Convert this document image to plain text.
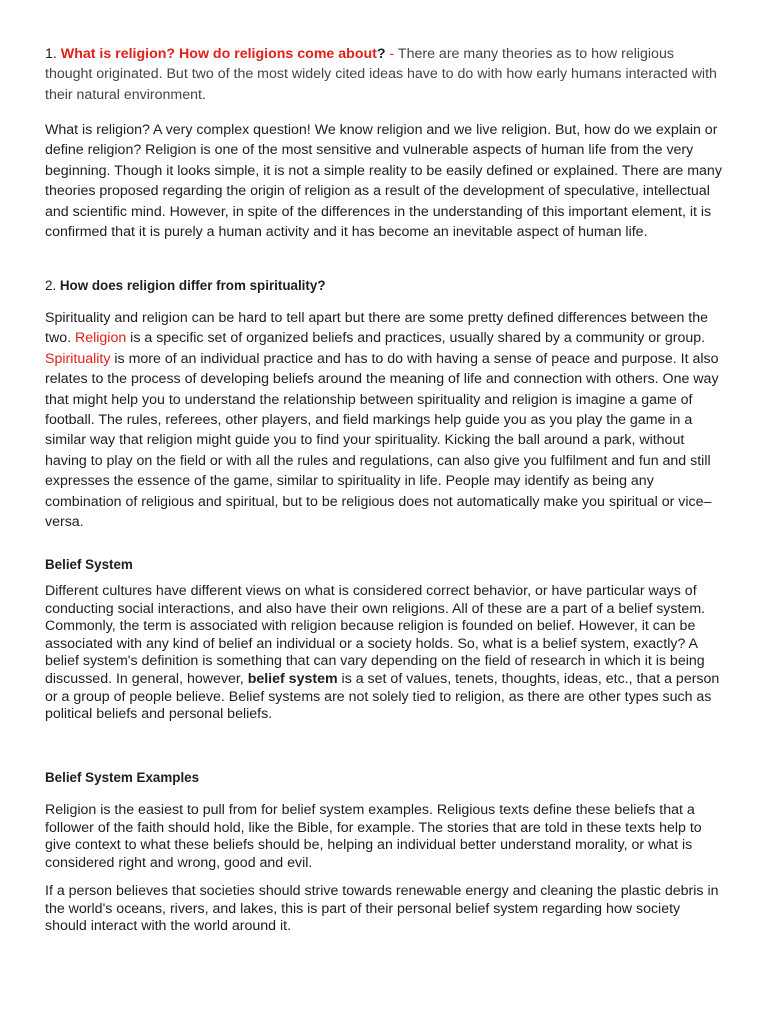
1. What is religion? How do religions come about? - There are many theories as to how religious thought originated. But two of the most widely cited ideas have to do with how early humans interacted with their natural environment.

What is religion? A very complex question! We know religion and we live religion. But, how do we explain or define religion? Religion is one of the most sensitive and vulnerable aspects of human life from the very beginning. Though it looks simple, it is not a simple reality to be easily defined or explained. There are many theories proposed regarding the origin of religion as a result of the development of speculative, intellectual and scientific mind. However, in spite of the differences in the understanding of this important element, it is confirmed that it is purely a human activity and it has become an inevitable aspect of human life.

2. How does religion differ from spirituality?

Spirituality and religion can be hard to tell apart but there are some pretty defined differences between the two. Religion is a specific set of organized beliefs and practices, usually shared by a community or group. Spirituality is more of an individual practice and has to do with having a sense of peace and purpose. It also relates to the process of developing beliefs around the meaning of life and connection with others. One way that might help you to understand the relationship between spirituality and religion is imagine a game of football. The rules, referees, other players, and field markings help guide you as you play the game in a similar way that religion might guide you to find your spirituality. Kicking the ball around a park, without having to play on the field or with all the rules and regulations, can also give you fulfilment and fun and still expresses the essence of the game, similar to spirituality in life. People may identify as being any combination of religious and spiritual, but to be religious does not automatically make you spiritual or vice–versa.

Belief System

Different cultures have different views on what is considered correct behavior, or have particular ways of conducting social interactions, and also have their own religions. All of these are a part of a belief system. Commonly, the term is associated with religion because religion is founded on belief. However, it can be associated with any kind of belief an individual or a society holds. So, what is a belief system, exactly? A belief system's definition is something that can vary depending on the field of research in which it is being discussed. In general, however, belief system is a set of values, tenets, thoughts, ideas, etc., that a person or a group of people believe. Belief systems are not solely tied to religion, as there are other types such as political beliefs and personal beliefs.

Belief System Examples

Religion is the easiest to pull from for belief system examples. Religious texts define these beliefs that a follower of the faith should hold, like the Bible, for example. The stories that are told in these texts help to give context to what these beliefs should be, helping an individual better understand morality, or what is considered right and wrong, good and evil.

If a person believes that societies should strive towards renewable energy and cleaning the plastic debris in the world's oceans, rivers, and lakes, this is part of their personal belief system regarding how society should interact with the world around it.
